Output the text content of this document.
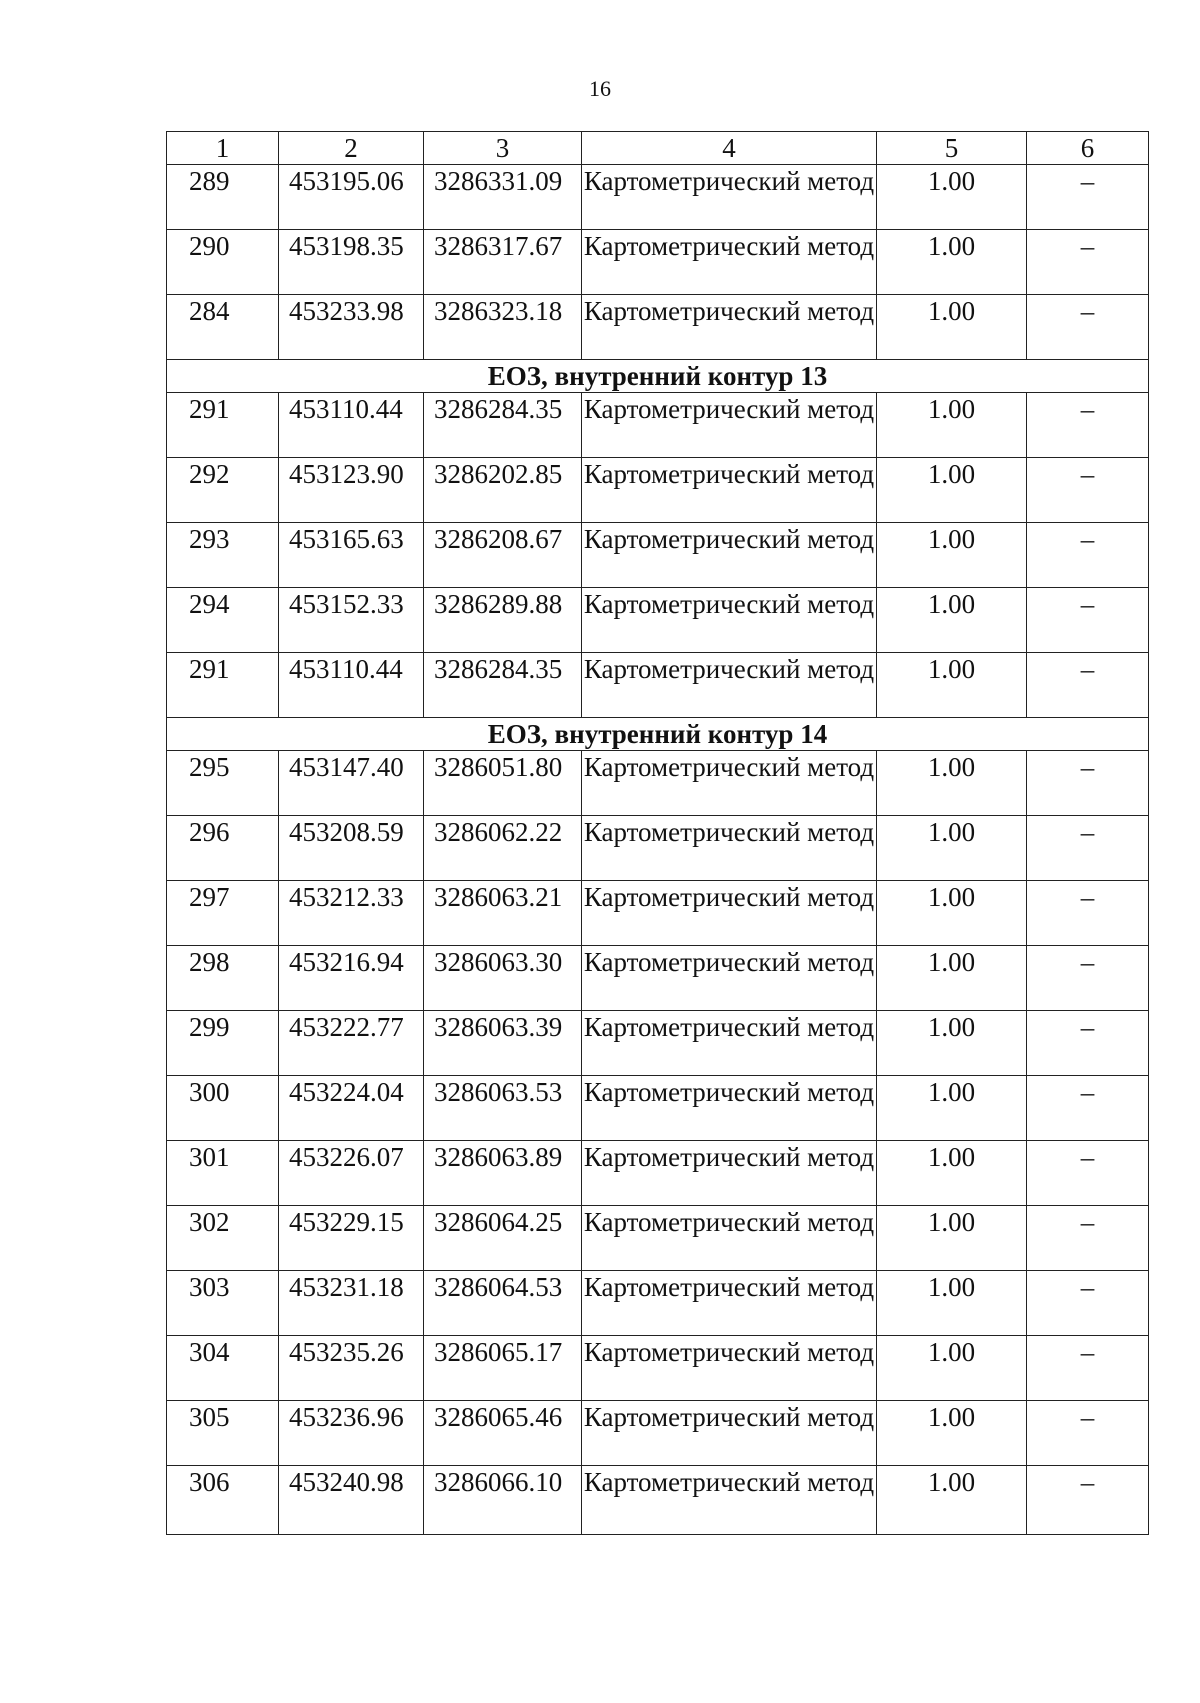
16
1	2	3	4	5	6
289	453195.06	3286331.09	Картометрический метод	1.00	–
290	453198.35	3286317.67	Картометрический метод	1.00	–
284	453233.98	3286323.18	Картометрический метод	1.00	–
ЕОЗ, внутренний контур 13					
291	453110.44	3286284.35	Картометрический метод	1.00	–
292	453123.90	3286202.85	Картометрический метод	1.00	–
293	453165.63	3286208.67	Картометрический метод	1.00	–
294	453152.33	3286289.88	Картометрический метод	1.00	–
291	453110.44	3286284.35	Картометрический метод	1.00	–
ЕОЗ, внутренний контур 14					
295	453147.40	3286051.80	Картометрический метод	1.00	–
296	453208.59	3286062.22	Картометрический метод	1.00	–
297	453212.33	3286063.21	Картометрический метод	1.00	–
298	453216.94	3286063.30	Картометрический метод	1.00	–
299	453222.77	3286063.39	Картометрический метод	1.00	–
300	453224.04	3286063.53	Картометрический метод	1.00	–
301	453226.07	3286063.89	Картометрический метод	1.00	–
302	453229.15	3286064.25	Картометрический метод	1.00	–
303	453231.18	3286064.53	Картометрический метод	1.00	–
304	453235.26	3286065.17	Картометрический метод	1.00	–
305	453236.96	3286065.46	Картометрический метод	1.00	–
306	453240.98	3286066.10	Картометрический метод	1.00	–
